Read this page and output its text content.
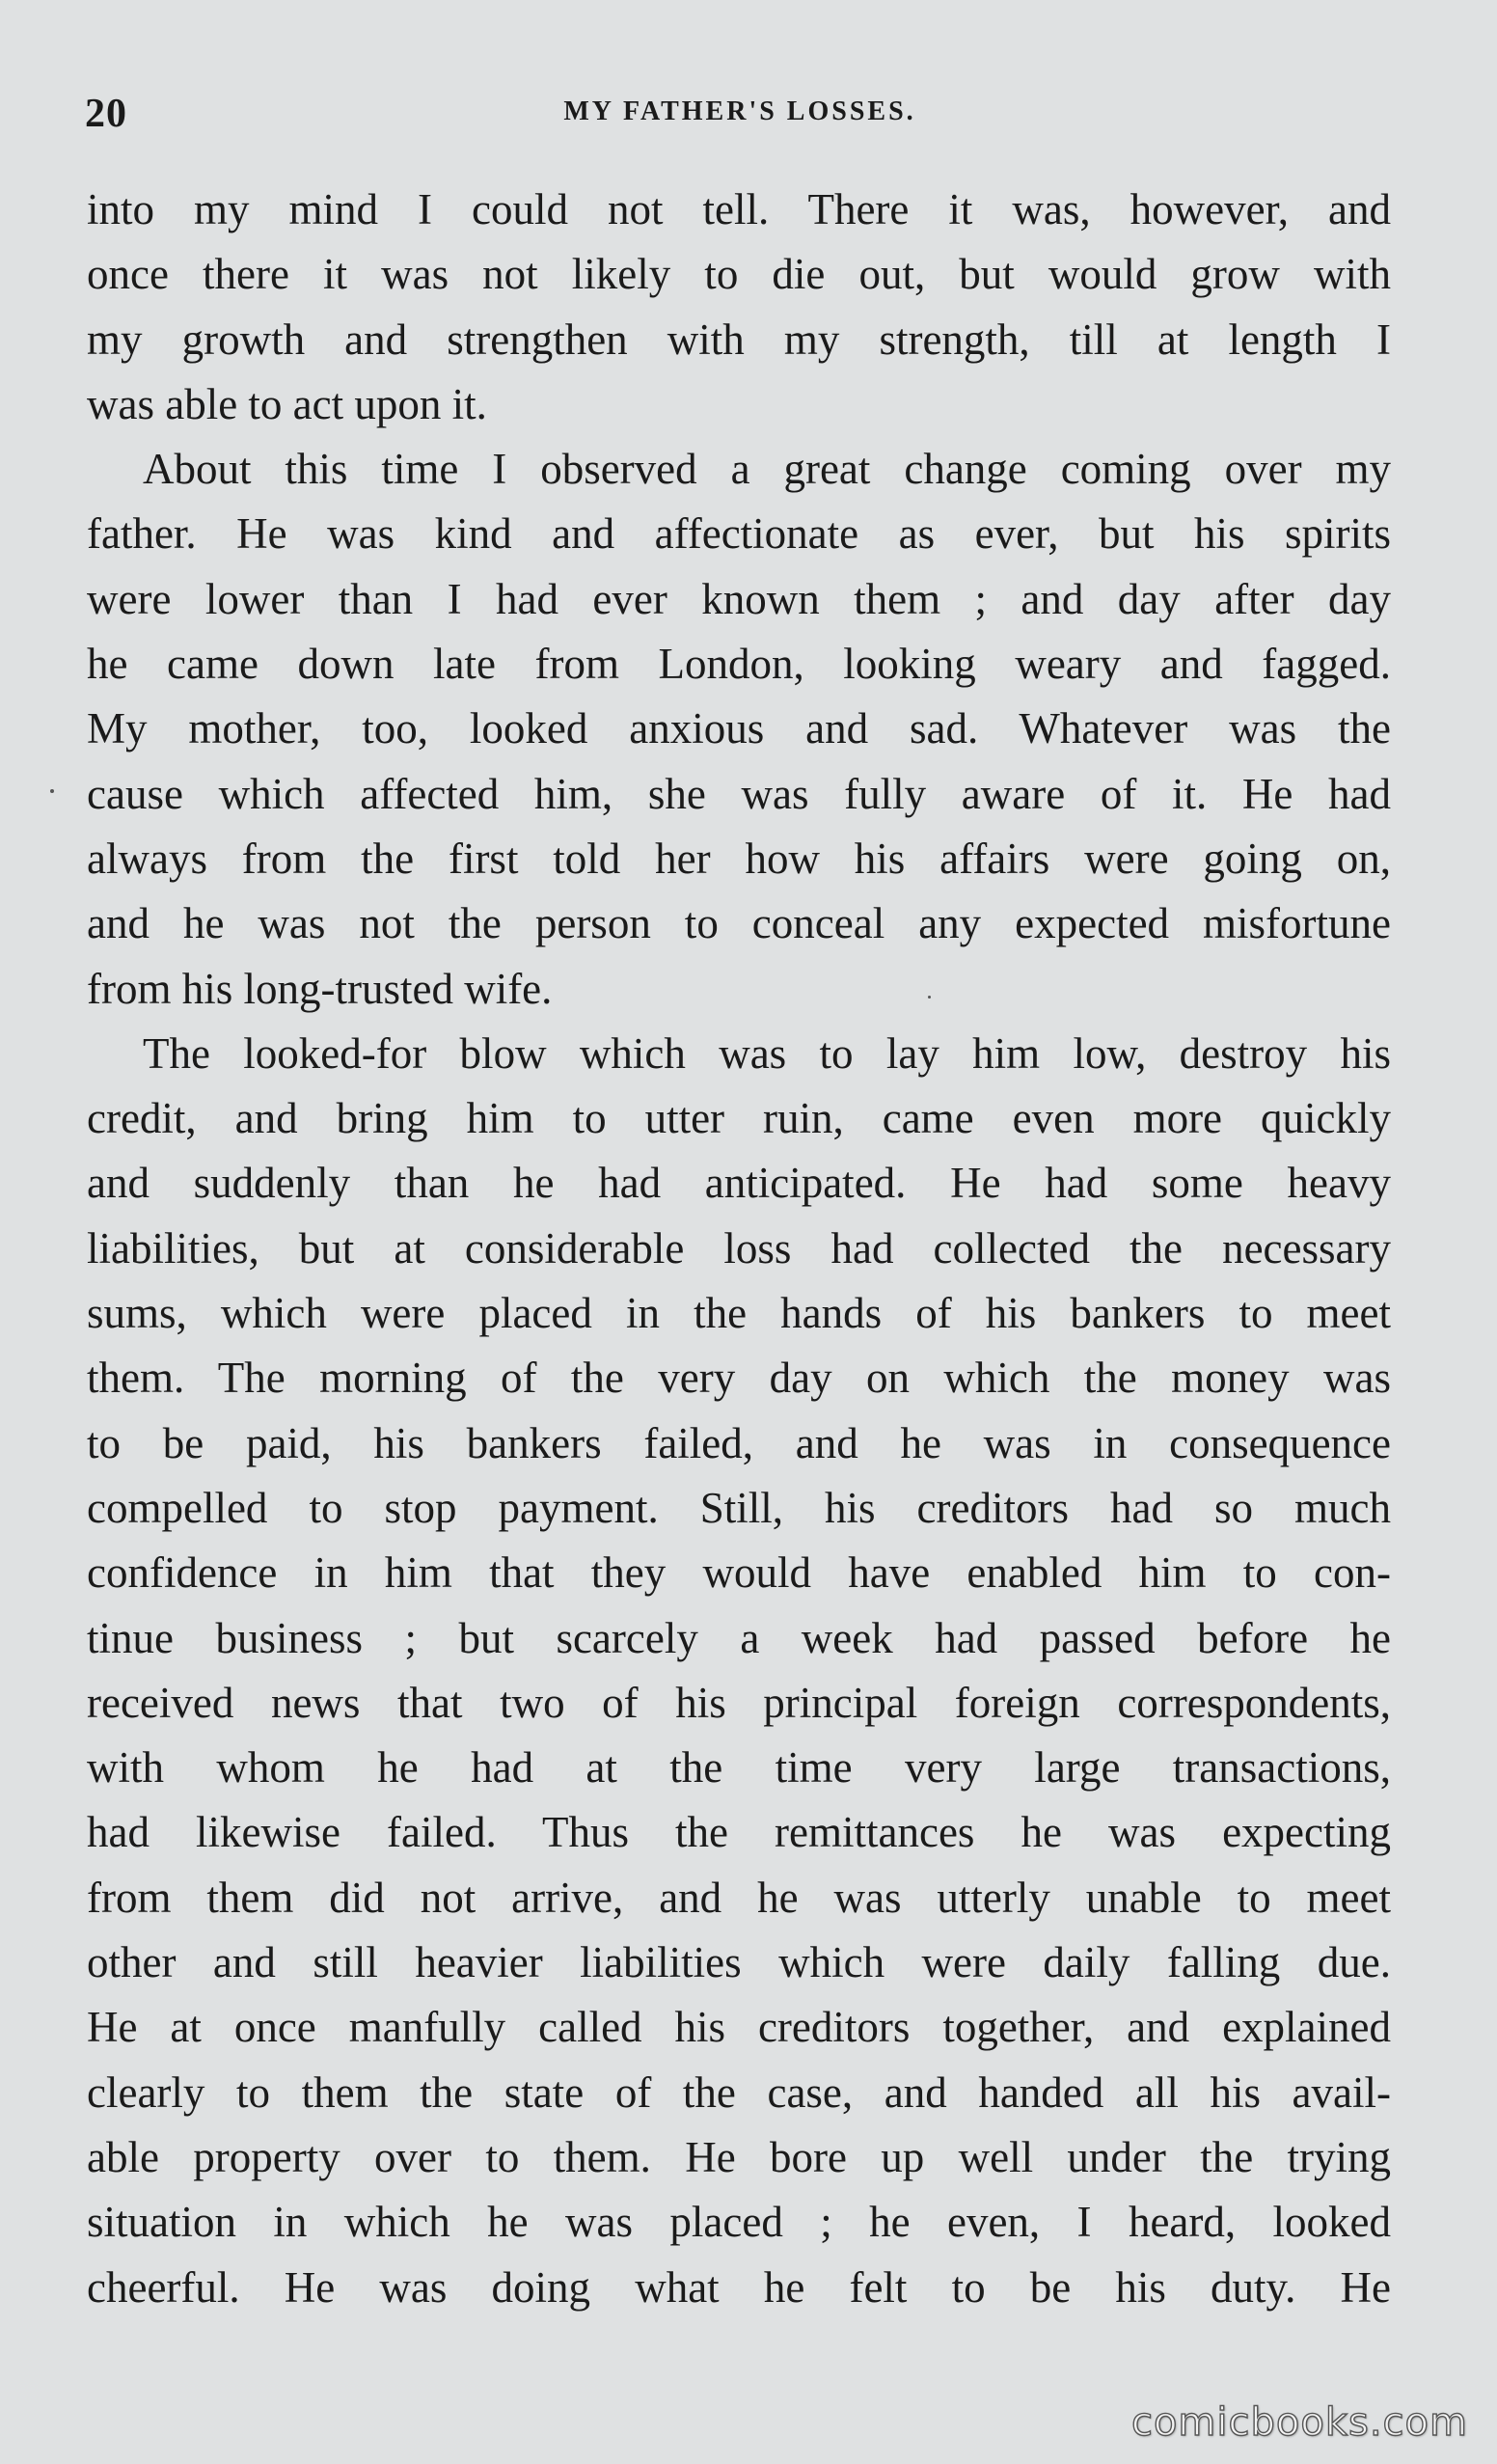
20	MY FATHER'S LOSSES.
into my mind I could not tell. There it was, however, and
once there it was not likely to die out, but would grow with
my growth and strengthen with my strength, till at length I
was able to act upon it.
About this time I observed a great change coming over my
father. He was kind and affectionate as ever, but his spirits
were lower than I had ever known them ; and day after day
he came down late from London, looking weary and fagged.
My mother, too, looked anxious and sad. Whatever was the
cause which affected him, she was fully aware of it. He had
always from the first told her how his affairs were going on,
and he was not the person to conceal any expected misfortune
from his long-trusted wife.
The looked-for blow which was to lay him low, destroy his
credit, and bring him to utter ruin, came even more quickly
and suddenly than he had anticipated. He had some heavy
liabilities, but at considerable loss had collected the necessary
sums, which were placed in the hands of his bankers to meet
them. The morning of the very day on which the money was
to be paid, his bankers failed, and he was in consequence
compelled to stop payment. Still, his creditors had so much
confidence in him that they would have enabled him to con-
tinue business ; but scarcely a week had passed before he
received news that two of his principal foreign correspondents,
with whom he had at the time very large transactions,
had likewise failed. Thus the remittances he was expecting
from them did not arrive, and he was utterly unable to meet
other and still heavier liabilities which were daily falling due.
He at once manfully called his creditors together, and explained
clearly to them the state of the case, and handed all his avail-
able property over to them. He bore up well under the trying
situation in which he was placed ; he even, I heard, looked
cheerful. He was doing what he felt to be his duty. He
comicbooks.com
